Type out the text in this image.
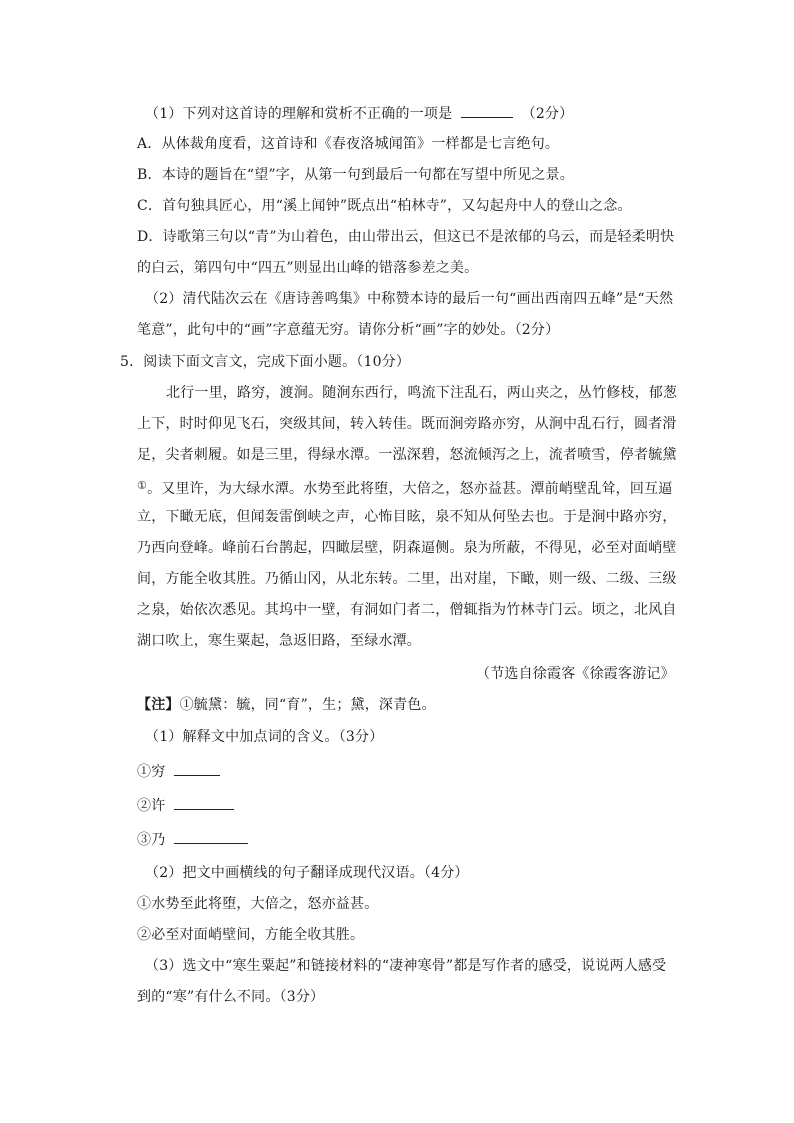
（1）下列对这首诗的理解和赏析不正确的一项是	（2分）
A．从体裁角度看，这首诗和《春夜洛城闻笛》一样都是七言绝句。
B．本诗的题旨在“望”字，从第一句到最后一句都在写望中所见之景。
C．首句独具匠心，用“溪上闻钟”既点出“柏林寺”，又勾起舟中人的登山之念。
D．诗歌第三句以“青”为山着色，由山带出云，但这已不是浓郁的乌云，而是轻柔明快
的白云，第四句中“四五”则显出山峰的错落参差之美。
（2）清代陆次云在《唐诗善鸣集》中称赞本诗的最后一句“画出西南四五峰”是“天然
笔意”，此句中的“画”字意蕴无穷。请你分析“画”字的妙处。（2分）
5．阅读下面文言文，完成下面小题。（10分）
北行一里，路穷，渡涧。随涧东西行，鸣流下注乱石，两山夹之，丛竹修枝，郁葱
上下，时时仰见飞石，突级其间，转入转佳。既而涧旁路亦穷，从涧中乱石行，圆者滑
足，尖者刺履。如是三里，得绿水潭。一泓深碧，怒流倾泻之上，流者喷雪，停者毓黛
①。又里许，为大绿水潭。水势至此将堕，大倍之，怒亦益甚。潭前峭壁乱耸，回互逼
立，下瞰无底，但闻轰雷倒峡之声，心怖目眩，泉不知从何坠去也。于是涧中路亦穷，
乃西向登峰。峰前石台鹊起，四瞰层壁，阴森逼侧。泉为所蔽，不得见，必至对面峭壁
间，方能全收其胜。乃循山冈，从北东转。二里，出对崖，下瞰，则一级、二级、三级
之泉，始依次悉见。其坞中一壁，有洞如门者二，僧辄指为竹林寺门云。顷之，北风自
湖口吹上，寒生粟起，急返旧路，至绿水潭。
（节选自徐霞客《徐霞客游记》
【注】①毓黛：毓，同“育”，生；黛，深青色。
（1）解释文中加点词的含义。（3分）
①穷
②许
③乃
（2）把文中画横线的句子翻译成现代汉语。（4分）
①水势至此将堕，大倍之，怒亦益甚。
②必至对面峭壁间，方能全收其胜。
（3）选文中“寒生粟起”和链接材料的“凄神寒骨”都是写作者的感受，说说两人感受
到的“寒”有什么不同。（3分）
